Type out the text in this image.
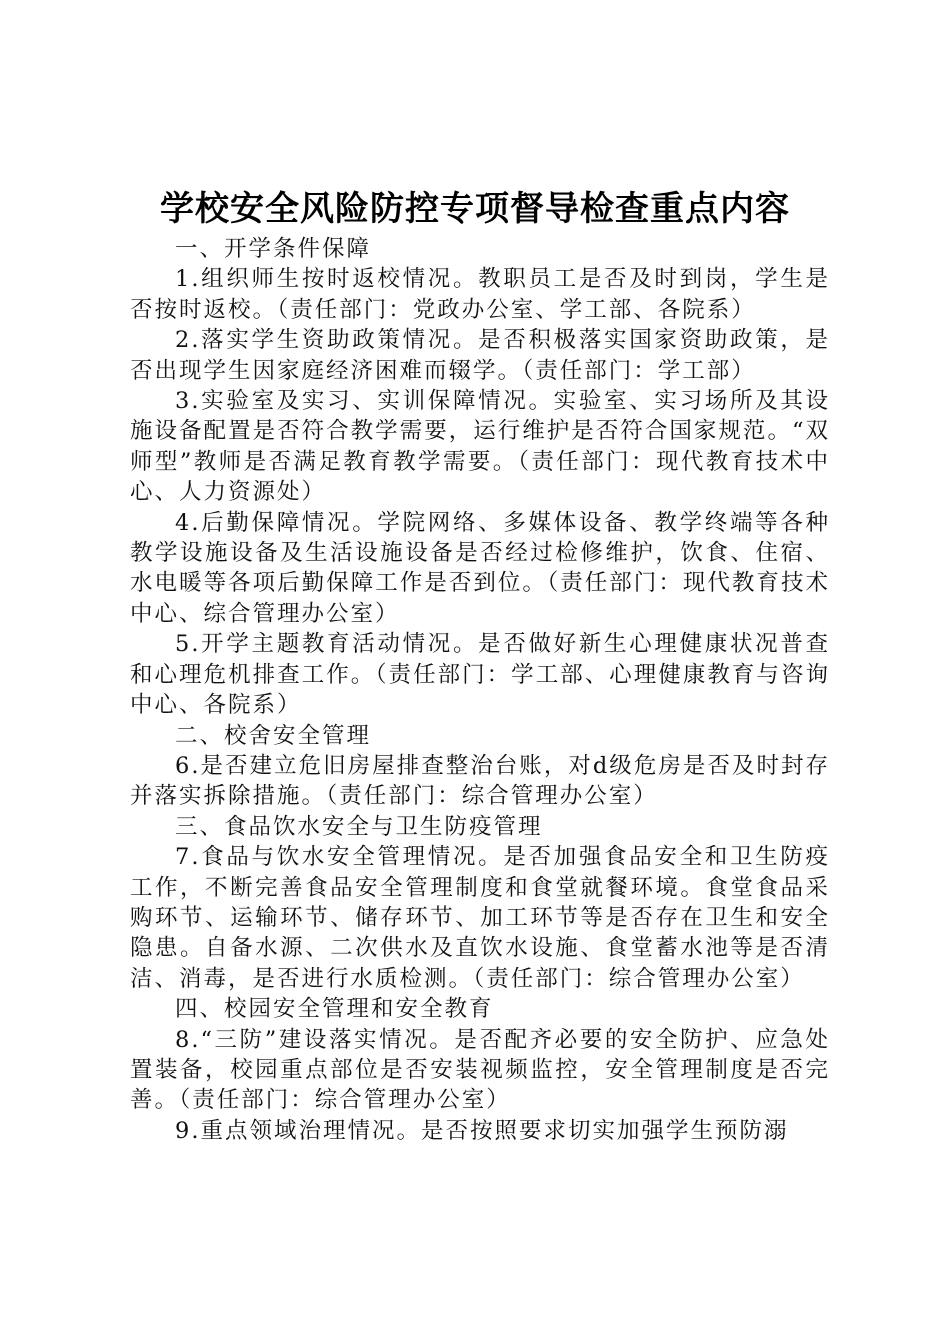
学校安全风险防控专项督导检查重点内容

一、开学条件保障

1.组织师生按时返校情况。教职员工是否及时到岗，学生是否按时返校。（责任部门：党政办公室、学工部、各院系）

2.落实学生资助政策情况。是否积极落实国家资助政策，是否出现学生因家庭经济困难而辍学。（责任部门：学工部）

3.实验室及实习、实训保障情况。实验室、实习场所及其设施设备配置是否符合教学需要，运行维护是否符合国家规范。“双师型”教师是否满足教育教学需要。（责任部门：现代教育技术中心、人力资源处）

4.后勤保障情况。学院网络、多媒体设备、教学终端等各种教学设施设备及生活设施设备是否经过检修维护，饮食、住宿、水电暖等各项后勤保障工作是否到位。（责任部门：现代教育技术中心、综合管理办公室）

5.开学主题教育活动情况。是否做好新生心理健康状况普查和心理危机排查工作。（责任部门：学工部、心理健康教育与咨询中心、各院系）

二、校舍安全管理

6.是否建立危旧房屋排查整治台账，对d级危房是否及时封存并落实拆除措施。（责任部门：综合管理办公室）

三、食品饮水安全与卫生防疫管理

7.食品与饮水安全管理情况。是否加强食品安全和卫生防疫工作，不断完善食品安全管理制度和食堂就餐环境。食堂食品采购环节、运输环节、储存环节、加工环节等是否存在卫生和安全隐患。自备水源、二次供水及直饮水设施、食堂蓄水池等是否清洁、消毒，是否进行水质检测。（责任部门：综合管理办公室）

四、校园安全管理和安全教育

8.“三防”建设落实情况。是否配齐必要的安全防护、应急处置装备，校园重点部位是否安装视频监控，安全管理制度是否完善。（责任部门：综合管理办公室）

9.重点领域治理情况。是否按照要求切实加强学生预防溺
